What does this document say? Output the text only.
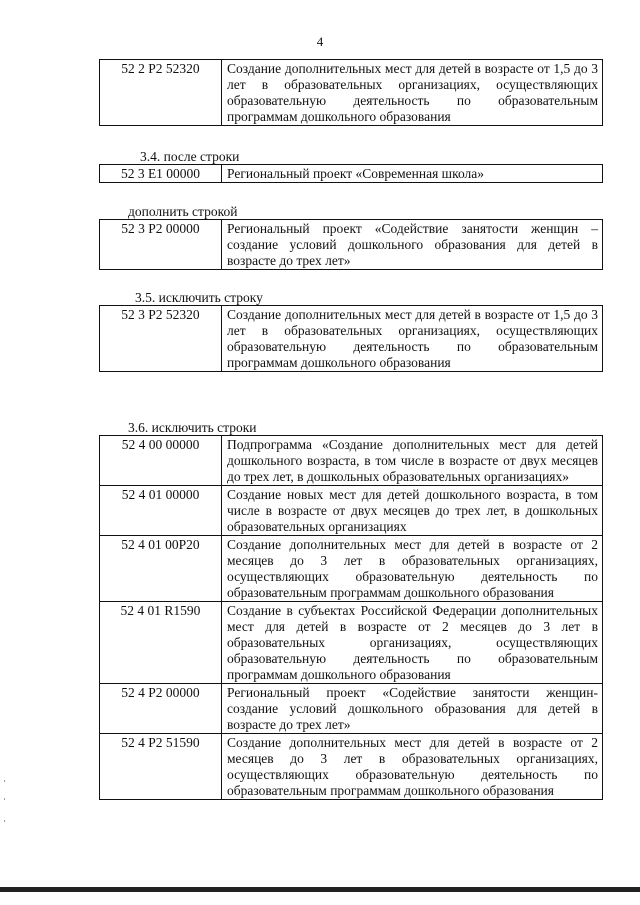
4
52 2 P2 52320	Создание дополнительных мест для детей в возрасте от 1,5 до 3 лет в образовательных организациях, осуществляющих образовательную деятельность по образовательным программам дошкольного образования
3.4. после строки
52 3 E1 00000	Региональный проект «Современная школа»
дополнить строкой
52 3 P2 00000	Региональный проект «Содействие занятости женщин – создание условий дошкольного образования для детей в возрасте до трех лет»
3.5. исключить строку
52 3 P2 52320	Создание дополнительных мест для детей в возрасте от 1,5 до 3 лет в образовательных организациях, осуществляющих образовательную деятельность по образовательным программам дошкольного образования
3.6. исключить строки
52 4 00 00000	Подпрограмма «Создание дополнительных мест для детей дошкольного возраста, в том числе в возрасте от двух месяцев до трех лет, в дошкольных образовательных организациях»
52 4 01 00000	Создание новых мест для детей дошкольного возраста, в том числе в возрасте от двух месяцев до трех лет, в дошкольных образовательных организациях
52 4 01 00P20	Создание дополнительных мест для детей в возрасте от 2 месяцев до 3 лет в образовательных организациях, осуществляющих образовательную деятельность по образовательным программам дошкольного образования
52 4 01 R1590	Создание в субъектах Российской Федерации дополнительных мест для детей в возрасте от 2 месяцев до 3 лет в образовательных организациях, осуществляющих образовательную деятельность по образовательным программам дошкольного образования
52 4 P2 00000	Региональный проект «Содействие занятости женщин- создание условий дошкольного образования для детей в возрасте до трех лет»
52 4 P2 51590	Создание дополнительных мест для детей в возрасте от 2 месяцев до 3 лет в образовательных организациях, осуществляющих образовательную деятельность по образовательным программам дошкольного образования
